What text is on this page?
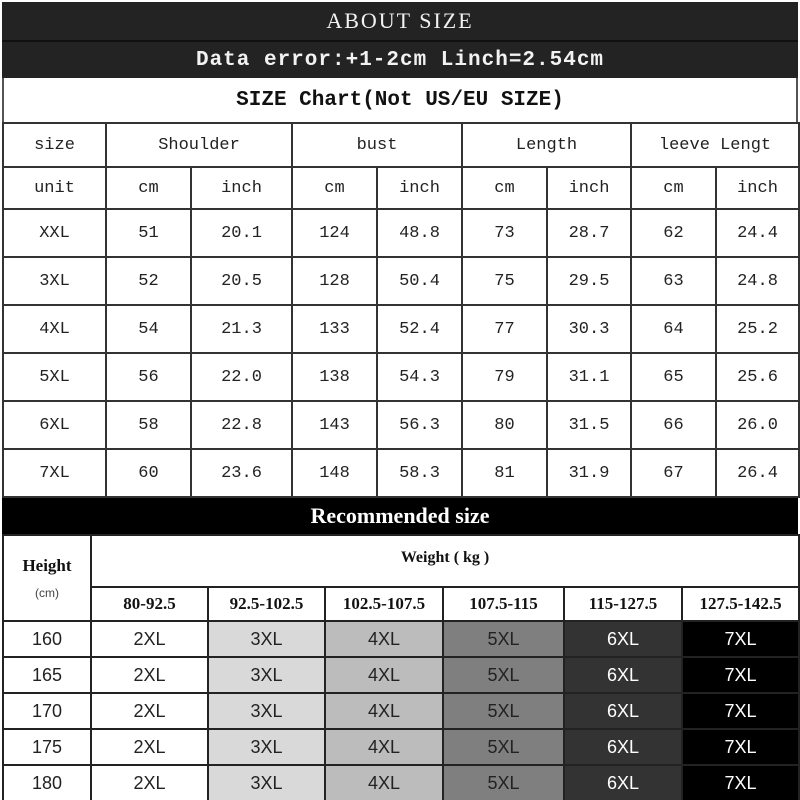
ABOUT SIZE
Data error:+1-2cm Linch=2.54cm
SIZE Chart(Not US/EU SIZE)
size	Shoulder		bust		Length		leeve Lengt	
unit	cm	inch	cm	inch	cm	inch	cm	inch
XXL	51	20.1	124	48.8	73	28.7	62	24.4
3XL	52	20.5	128	50.4	75	29.5	63	24.8
4XL	54	21.3	133	52.4	77	30.3	64	25.2
5XL	56	22.0	138	54.3	79	31.1	65	25.6
6XL	58	22.8	143	56.3	80	31.5	66	26.0
7XL	60	23.6	148	58.3	81	31.9	67	26.4
Recommended size
Height
(cm)	Weight ( kg )					
	80-92.5	92.5-102.5	102.5-107.5	107.5-115	115-127.5	127.5-142.5
160	2XL	3XL	4XL	5XL	6XL	7XL
165	2XL	3XL	4XL	5XL	6XL	7XL
170	2XL	3XL	4XL	5XL	6XL	7XL
175	2XL	3XL	4XL	5XL	6XL	7XL
180	2XL	3XL	4XL	5XL	6XL	7XL
